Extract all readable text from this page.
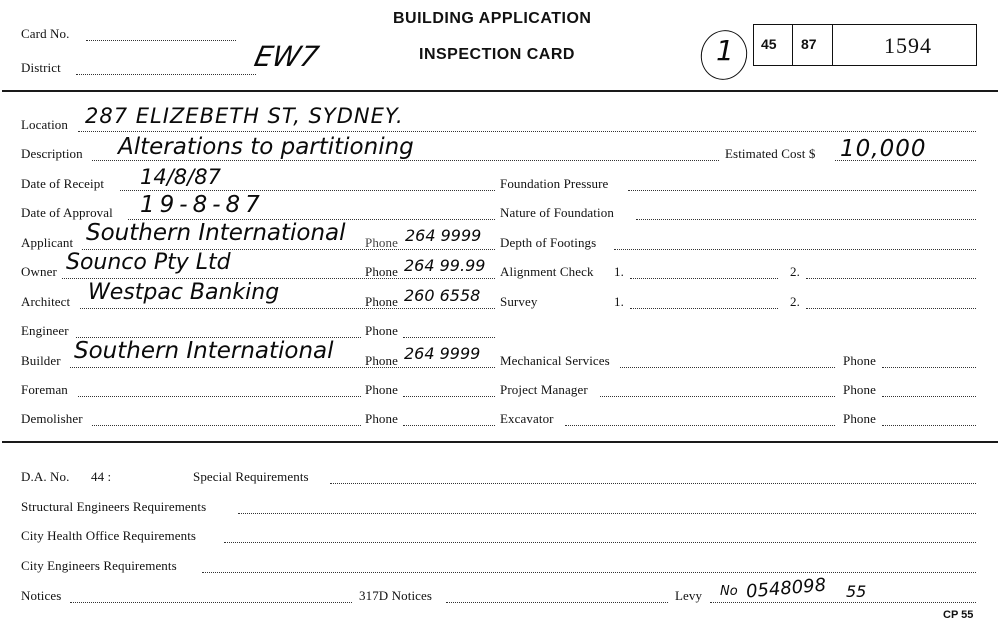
Card No.
District	EW7
BUILDING APPLICATION
INSPECTION CARD	1 45 87	1594
Location 287 ELIZEBETH ST, SYDNEY.
Description Alterations to partitioning	Estimated Cost $ 10,000
Date of Receipt 14/8/87
Date of Approval 19-8-87
Applicant Southern International Phone 264 9999
Owner Sounco Pty Ltd	Phone 264 99.99
Architect Westpac Banking	Phone 260 6558
Engineer	Phone
Builder Southern International Phone 264 9999
Foreman	Phone
Demolisher	Phone
Foundation Pressure
Nature of Foundation
Depth of Footings
Alignment Check 1.	2.
Survey	1.	2.
Mechanical Services	Phone
Project Manager	Phone
Excavator	Phone
D.A. No. 44 :	Special Requirements
Structural Engineers Requirements
City Health Office Requirements
City Engineers Requirements
Notices	317D Notices	Levy No 0548098 55
CP 55
